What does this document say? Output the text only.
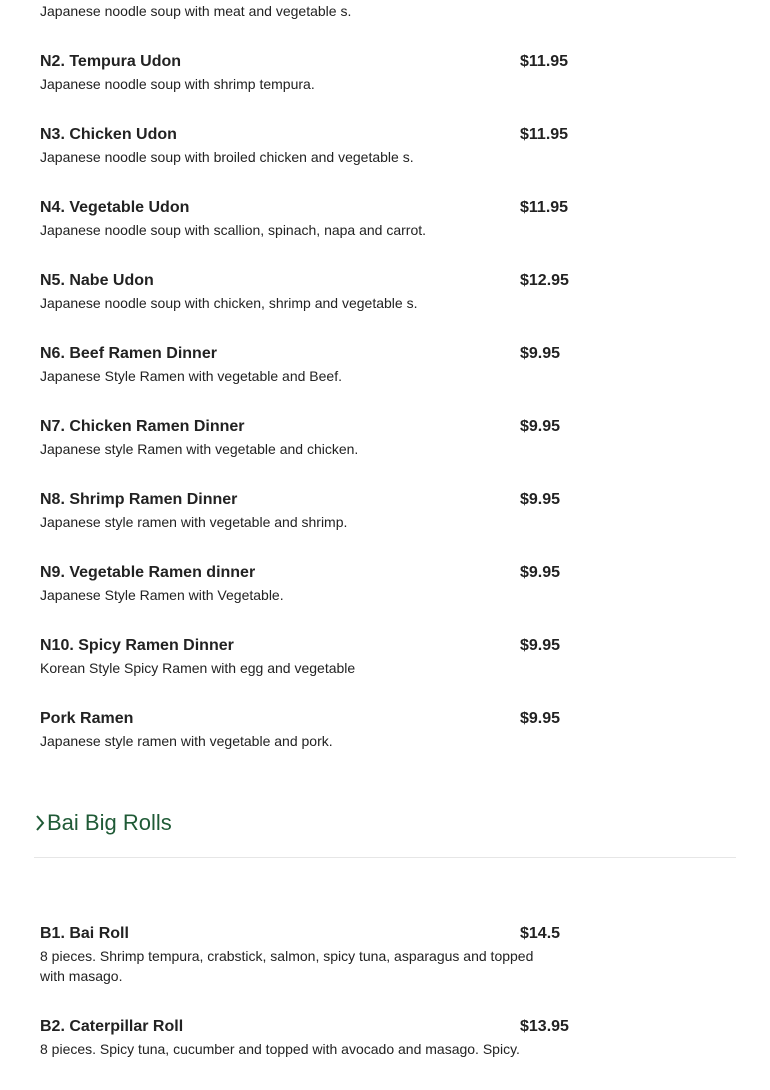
Japanese noodle soup with meat and vegetable s.
N2. Tempura Udon	$11.95
Japanese noodle soup with shrimp tempura.
N3. Chicken Udon	$11.95
Japanese noodle soup with broiled chicken and vegetable s.
N4. Vegetable Udon	$11.95
Japanese noodle soup with scallion, spinach, napa and carrot.
N5. Nabe Udon	$12.95
Japanese noodle soup with chicken, shrimp and vegetable s.
N6. Beef Ramen Dinner	$9.95
Japanese Style Ramen with vegetable and Beef.
N7. Chicken Ramen Dinner	$9.95
Japanese style Ramen with vegetable and chicken.
N8. Shrimp Ramen Dinner	$9.95
Japanese style ramen with vegetable and shrimp.
N9. Vegetable Ramen dinner	$9.95
Japanese Style Ramen with Vegetable.
N10. Spicy Ramen Dinner	$9.95
Korean Style Spicy Ramen with egg and vegetable
Pork Ramen	$9.95
Japanese style ramen with vegetable and pork.
Bai Big Rolls
B1. Bai Roll	$14.5
8 pieces. Shrimp tempura, crabstick, salmon, spicy tuna, asparagus and topped with masago.
B2. Caterpillar Roll	$13.95
8 pieces. Spicy tuna, cucumber and topped with avocado and masago. Spicy.
